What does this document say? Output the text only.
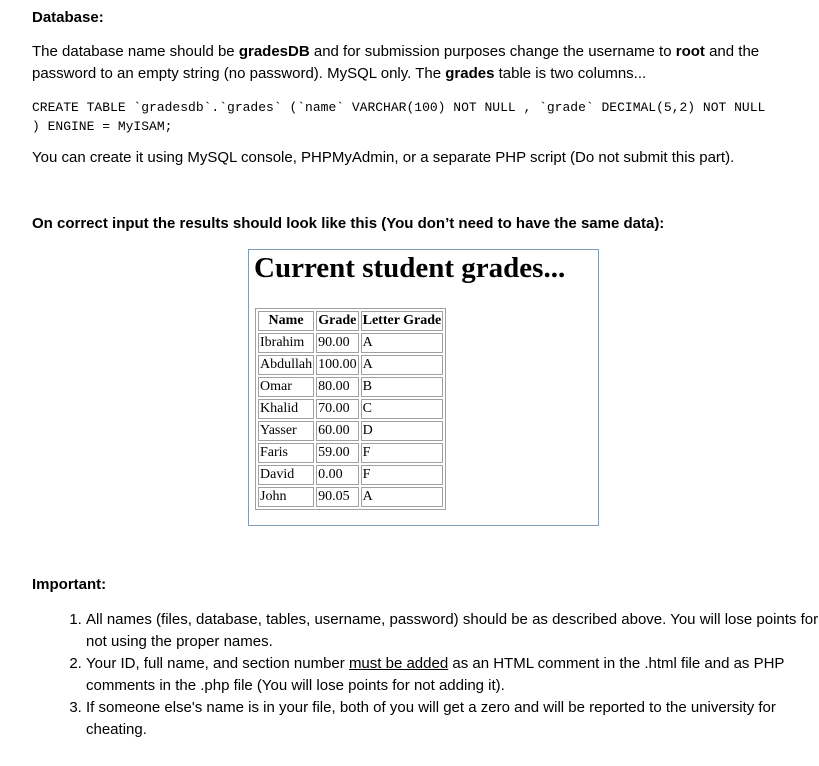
Database:
The database name should be gradesDB and for submission purposes change the username to root and the password to an empty string (no password). MySQL only. The grades table is two columns...
CREATE TABLE `gradesdb`.`grades` (`name` VARCHAR(100) NOT NULL , `grade` DECIMAL(5,2) NOT NULL
) ENGINE = MyISAM;
You can create it using MySQL console, PHPMyAdmin, or a separate PHP script (Do not submit this part).
On correct input the results should look like this (You don’t need to have the same data):
Current student grades...
Name	Grade	Letter Grade
Ibrahim	90.00	A
Abdullah	100.00	A
Omar	80.00	B
Khalid	70.00	C
Yasser	60.00	D
Faris	59.00	F
David	0.00	F
John	90.05	A
Important:
1. All names (files, database, tables, username, password) should be as described above. You will lose points for not using the proper names.
2. Your ID, full name, and section number must be added as an HTML comment in the .html file and as PHP comments in the .php file (You will lose points for not adding it).
3. If someone else's name is in your file, both of you will get a zero and will be reported to the university for cheating.
